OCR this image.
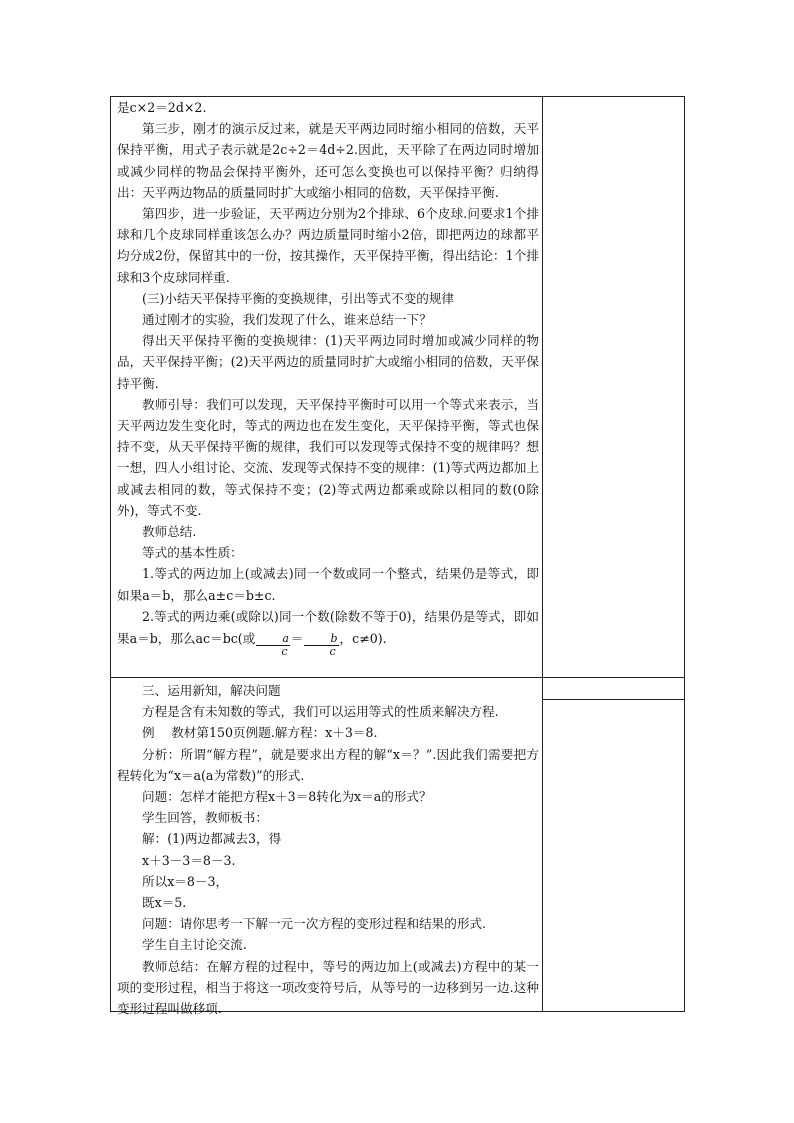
是c×2＝2d×2.

第三步，刚才的演示反过来，就是天平两边同时缩小相同的倍数，天平保持平衡，用式子表示就是2c÷2＝4d÷2.因此，天平除了在两边同时增加或减少同样的物品会保持平衡外，还可怎么变换也可以保持平衡？归纳得出：天平两边物品的质量同时扩大或缩小相同的倍数，天平保持平衡.

第四步，进一步验证，天平两边分别为2个排球、6个皮球.问要求1个排球和几个皮球同样重该怎么办？两边质量同时缩小2倍，即把两边的球都平均分成2份，保留其中的一份，按其操作，天平保持平衡，得出结论：1个排球和3个皮球同样重.

(三)小结天平保持平衡的变换规律，引出等式不变的规律

通过刚才的实验，我们发现了什么，谁来总结一下？

得出天平保持平衡的变换规律：(1)天平两边同时增加或减少同样的物品，天平保持平衡；(2)天平两边的质量同时扩大或缩小相同的倍数，天平保持平衡.

教师引导：我们可以发现，天平保持平衡时可以用一个等式来表示，当天平两边发生变化时，等式的两边也在发生变化，天平保持平衡，等式也保持不变，从天平保持平衡的规律，我们可以发现等式保持不变的规律吗？想一想，四人小组讨论、交流、发现等式保持不变的规律：(1)等式两边都加上或减去相同的数，等式保持不变；(2)等式两边都乘或除以相同的数(0除外)，等式不变.

教师总结.

等式的基本性质：

1.等式的两边加上(或减去)同一个数或同一个整式，结果仍是等式，即如果a＝b，那么a±c＝b±c.

2.等式的两边乘(或除以)同一个数(除数不等于0)，结果仍是等式，即如果a＝b，那么ac＝bc(或 $\frac{a}{c} = \frac{b}{c}$ ，c≠0).

三、运用新知，解决问题

方程是含有未知数的等式，我们可以运用等式的性质来解决方程.

例　 教材第150页例题.解方程：x＋3＝8.

分析：所谓“解方程”，就是要求出方程的解“x＝？”.因此我们需要把方程转化为“x＝a(a为常数)”的形式.

问题：怎样才能把方程x＋3＝8转化为x＝a的形式？

学生回答，教师板书：

解：(1)两边都减去3，得

x＋3－3＝8－3.

所以x＝8－3，

既x＝5.

问题：请你思考一下解一元一次方程的变形过程和结果的形式.

学生自主讨论交流.

教师总结：在解方程的过程中，等号的两边加上(或减去)方程中的某一项的变形过程，相当于将这一项改变符号后，从等号的一边移到另一边.这种变形过程叫做移项.
